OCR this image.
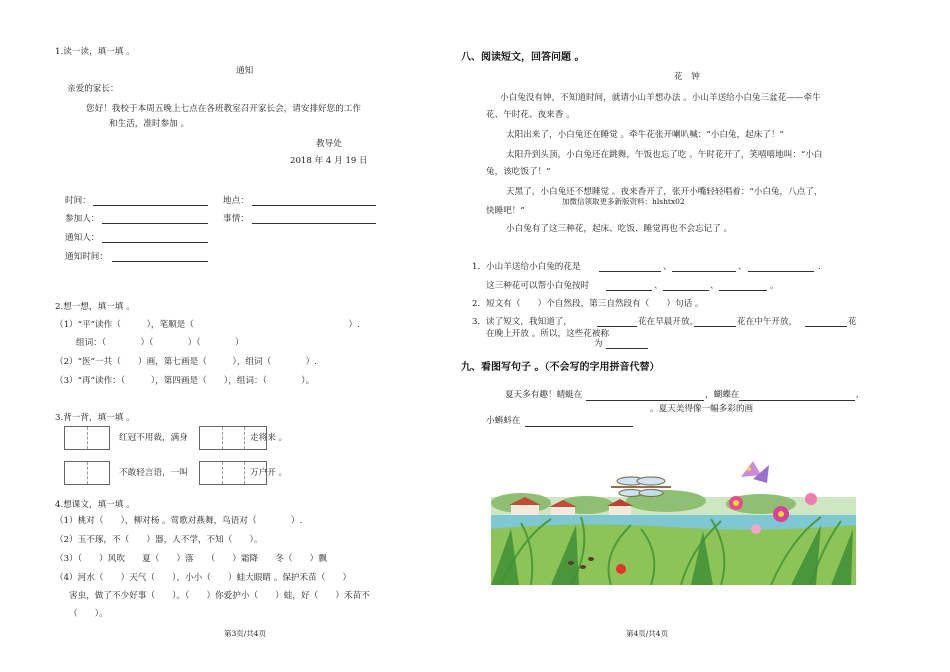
1.读一读，填一填 。
通知
亲爱的家长：
您好！我校于本周五晚上七点在各班教室召开家长会，请安排好您的工作
和生活，准时参加 。
教导处
2018 年 4 月 19 日
时间：	地点：
参加人：	事情：
通知人：
通知时间：
2.想一想，填一填 。
（1）“平”读作（　　　），笔顺是（　　　　　　　　　　　　　　　　　　）.
组词：（　　　　）（　　　　）（　　　　）
（2）“医”一共（　　）画，第七画是（　　　），组词（　　　　）.
（3）“再”读作：（　　　），第四画是（　　），组词：（　　　　）。
3.背一背，填一填 。
红冠不用裁，满身	走将来 。
不敢轻言语，一叫	万户开 。
4.想课文，填一填 。
（1）桃对（　　），柳对杨 。莺歌对燕舞，鸟语对（　　　　）.
（2）玉不琢，不（　　）器，人不学，不知（　　）。
（3）（　　）风吹　　夏（　　）落　　（　　）霜降　　冬（　　）飘
（4）河水（　　）天气（　　），小小（　　）蛙大眼睛 。保护禾苗（　　）
害虫，做了不少好事（　　）。（　　）你爱护小（　　）蛙，好（　　）禾苗不
（　　）。
第3页/共4页
八、阅读短文，回答问题 。
花　钟
小白兔没有钟，不知道时间，就请小山羊想办法 。小山羊送给小白兔三盆花——牵牛
花、午时花、夜来香 。
太阳出来了，小白兔还在睡觉 。牵牛花张开喇叭喊：“小白兔，起床了！”
太阳升到头顶，小白兔还在跳舞，午饭也忘了吃 。午时花开了，笑嘻嘻地叫：“小白
兔，该吃饭了！”
天黑了，小白兔还不想睡觉 。夜来香开了，张开小嘴轻轻唱着：“小白兔，八点了，
加微信领取更多新版资料：hlshtx02
快睡吧！”
小白兔有了这三种花，起床、吃饭、睡觉再也不会忘记了 。
1．小山羊送给小白兔的花是	、	、	.
这三种花可以帮小白兔按时	、	、	。
2．短文有（　　）个自然段，第三自然段有（　　）句话 。
3．读了短文，我知道了，	花在早晨开放，	花在中午开放，	花
在晚上开放 。所以，这些花被称
为
九、看图写句子 。（不会写的字用拼音代替）
夏天多有趣！蜻蜓在	，蝴蝶在	,
。夏天美得像一幅多彩的画
小蝌蚪在
第4页/共4页
